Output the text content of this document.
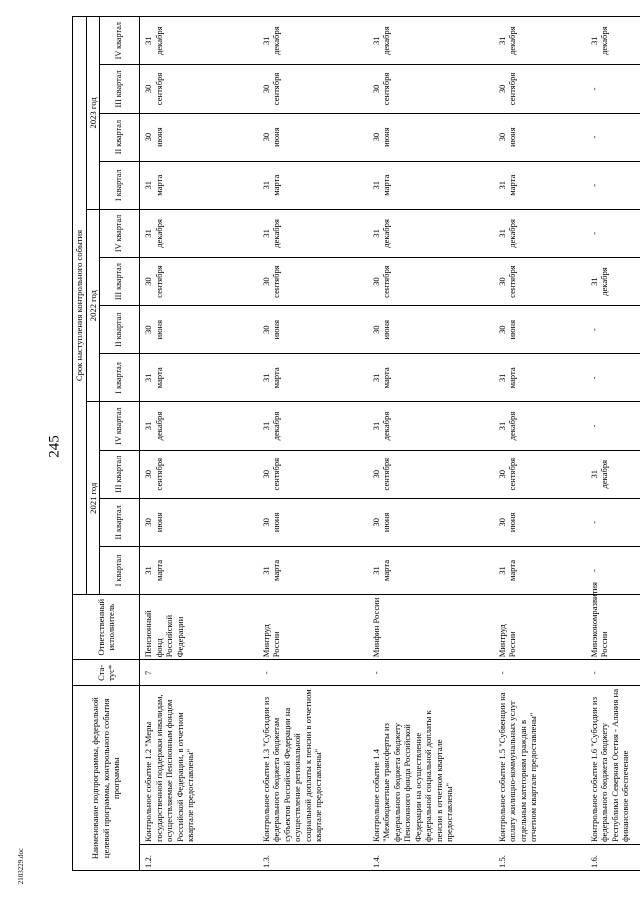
245
2103229.doc
Наименование подпрограммы, федеральной целевой программы, контрольного события программы		Ста-тус*	Ответственный исполнитель	Срок наступления контрольного события											
				2021 год				2022 год				2023 год			
				I квартал	II квартал	III квартал	IV квартал	I квартал	II квартал	III квартал	IV квартал	I квартал	II квартал	III квартал	IV квартал
1.2.	Контрольное событие 1.2 "Меры государственной поддержки инвалидам, осуществляемые Пенсионным фондом Российской Федерации, в отчетном квартале предоставлены"	7	Пенсионный фонд Российской Федерации	31 марта	30 июня	30 сентября	31 декабря	31 марта	30 июня	30 сентября	31 декабря	31 марта	30 июня	30 сентября	31 декабря

1.3.	Контрольное событие 1.3 "Субсидии из федерального бюджета бюджетам субъектов Российской Федерации на осуществление региональной социальной доплаты к пенсии в отчетном квартале предоставлены"	-	Минтруд России	31 марта	30 июня	30 сентября	31 декабря	31 марта	30 июня	30 сентября	31 декабря	31 марта	30 июня	30 сентября	31 декабря

1.4.	Контрольное событие 1.4 "Межбюджетные трансферты из федерального бюджета бюджету Пенсионного фонда Российской Федерации на осуществление федеральной социальной доплаты к пенсии в отчетном квартале предоставлены"	-	Минфин России	31 марта	30 июня	30 сентября	31 декабря	31 марта	30 июня	30 сентября	31 декабря	31 марта	30 июня	30 сентября	31 декабря

1.5.	Контрольное событие 1.5 "Субвенции на оплату жилищно-коммунальных услуг отдельным категориям граждан в отчетном квартале предоставлены"	-	Минтруд России	31 марта	30 июня	30 сентября	31 декабря	31 марта	30 июня	30 сентября	31 декабря	31 марта	30 июня	30 сентября	31 декабря

1.6.	Контрольное событие 1.6 "Субсидии из федерального бюджета бюджету Республики Северная Осетия - Алания на финансовое обеспечение	-	Минэкономразвития России	-	-	31 декабря	-	-	-	31 декабря	-	-	-	-	31 декабря
